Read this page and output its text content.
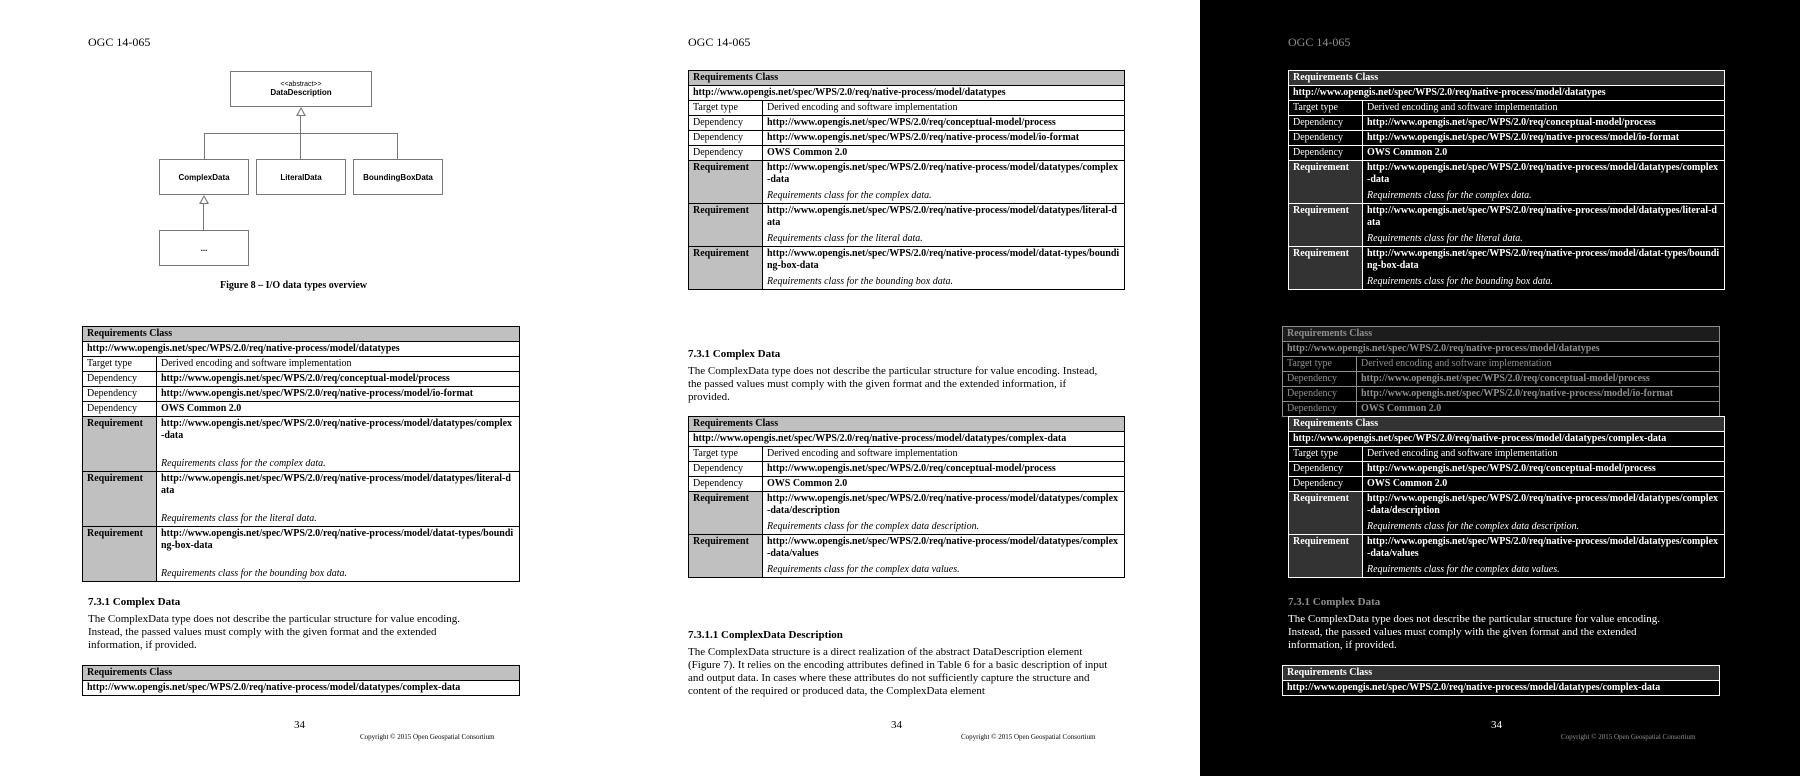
OGC 14-065
<<abstract>>
DataDescription
ComplexData	LiteralData	BoundingBoxData
...
Figure 8 – I/O data types overview
Requirements Class	
http://www.opengis.net/spec/WPS/2.0/req/native-process/model/datatypes	
Target type	Derived encoding and software implementation
Dependency	http://www.opengis.net/spec/WPS/2.0/req/conceptual-model/process
Dependency	http://www.opengis.net/spec/WPS/2.0/req/native-process/model/io-format
Dependency	OWS Common 2.0
Requirement	http://www.opengis.net/spec/WPS/2.0/req/native-process/model/datatypes/complex-data
Requirements class for the complex data.

Requirement	http://www.opengis.net/spec/WPS/2.0/req/native-process/model/datatypes/literal-data
Requirements class for the literal data.

Requirement	http://www.opengis.net/spec/WPS/2.0/req/native-process/model/datat-types/bounding-box-data
Requirements class for the bounding box data.
7.3.1 Complex Data
The ComplexData type does not describe the particular structure for value encoding. Instead, the passed values must comply with the given format and the extended information, if provided.
Requirements Class
http://www.opengis.net/spec/WPS/2.0/req/native-process/model/datatypes/complex-data
34
Copyright © 2015 Open Geospatial Consortium
OGC 14-065
Requirements Class	
http://www.opengis.net/spec/WPS/2.0/req/native-process/model/datatypes	
Target type	Derived encoding and software implementation
Dependency	http://www.opengis.net/spec/WPS/2.0/req/conceptual-model/process
Dependency	http://www.opengis.net/spec/WPS/2.0/req/native-process/model/io-format
Dependency	OWS Common 2.0
Requirement	http://www.opengis.net/spec/WPS/2.0/req/native-process/model/datatypes/complex-data
Requirements class for the complex data.

Requirement	http://www.opengis.net/spec/WPS/2.0/req/native-process/model/datatypes/literal-data
Requirements class for the literal data.

Requirement	http://www.opengis.net/spec/WPS/2.0/req/native-process/model/datat-types/bounding-box-data
Requirements class for the bounding box data.
7.3.1 Complex Data
The ComplexData type does not describe the particular structure for value encoding. Instead, the passed values must comply with the given format and the extended information, if provided.
Requirements Class	
http://www.opengis.net/spec/WPS/2.0/req/native-process/model/datatypes/complex-data	
Target type	Derived encoding and software implementation
Dependency	http://www.opengis.net/spec/WPS/2.0/req/conceptual-model/process
Dependency	OWS Common 2.0
Requirement	http://www.opengis.net/spec/WPS/2.0/req/native-process/model/datatypes/complex-data/description
Requirements class for the complex data description.

Requirement	http://www.opengis.net/spec/WPS/2.0/req/native-process/model/datatypes/complex-data/values
Requirements class for the complex data values.
7.3.1.1 ComplexData Description
The ComplexData structure is a direct realization of the abstract DataDescription element (Figure 7). It relies on the encoding attributes defined in Table 6 for a basic description of input and output data. In cases where these attributes do not sufficiently capture the structure and content of the required or produced data, the ComplexData element
34
Copyright © 2015 Open Geospatial Consortium
OGC 14-065
Requirements Class	
http://www.opengis.net/spec/WPS/2.0/req/native-process/model/datatypes	
Target type	Derived encoding and software implementation
Dependency	http://www.opengis.net/spec/WPS/2.0/req/conceptual-model/process
Dependency	http://www.opengis.net/spec/WPS/2.0/req/native-process/model/io-format
Dependency	OWS Common 2.0
Requirement	http://www.opengis.net/spec/WPS/2.0/req/native-process/model/datatypes/complex-data
Requirements class for the complex data.

Requirement	http://www.opengis.net/spec/WPS/2.0/req/native-process/model/datatypes/literal-data
Requirements class for the literal data.

Requirement	http://www.opengis.net/spec/WPS/2.0/req/native-process/model/datat-types/bounding-box-data
Requirements class for the bounding box data.
Requirements Class	
http://www.opengis.net/spec/WPS/2.0/req/native-process/model/datatypes	
Target type	Derived encoding and software implementation
Dependency	http://www.opengis.net/spec/WPS/2.0/req/conceptual-model/process
Dependency	http://www.opengis.net/spec/WPS/2.0/req/native-process/model/io-format
Dependency	OWS Common 2.0
Requirements Class	
http://www.opengis.net/spec/WPS/2.0/req/native-process/model/datatypes/complex-data	
Target type	Derived encoding and software implementation
Dependency	http://www.opengis.net/spec/WPS/2.0/req/conceptual-model/process
Dependency	OWS Common 2.0
Requirement	http://www.opengis.net/spec/WPS/2.0/req/native-process/model/datatypes/complex-data/description
Requirements class for the complex data description.

Requirement	http://www.opengis.net/spec/WPS/2.0/req/native-process/model/datatypes/complex-data/values
Requirements class for the complex data values.
7.3.1 Complex Data
The ComplexData type does not describe the particular structure for value encoding. Instead, the passed values must comply with the given format and the extended information, if provided.
Requirements Class
http://www.opengis.net/spec/WPS/2.0/req/native-process/model/datatypes/complex-data
34
Copyright © 2015 Open Geospatial Consortium
